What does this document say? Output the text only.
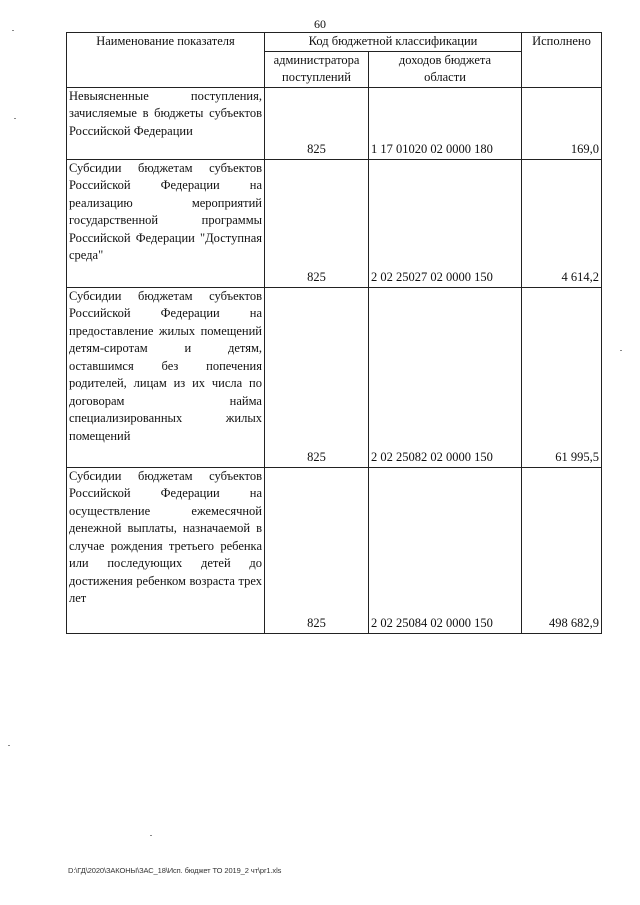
60
Наименование показателя	Код бюджетной классификации		Исполнено
	администратора поступлений	доходов бюджета области	
Невыясненные поступления, зачисляемые в бюджеты субъектов Российской Федерации	825	1 17 01020 02 0000 180	169,0
Субсидии бюджетам субъектов Российской Федерации на реализацию мероприятий государственной программы Российской Федерации "Доступная среда"	825	2 02 25027 02 0000 150	4 614,2
Субсидии бюджетам субъектов Российской Федерации на предоставление жилых помещений детям-сиротам и детям, оставшимся без попечения родителей, лицам из их числа по договорам найма специализированных жилых помещений	825	2 02 25082 02 0000 150	61 995,5
Субсидии бюджетам субъектов Российской Федерации на осуществление ежемесячной денежной выплаты, назначаемой в случае рождения третьего ребенка или последующих детей до достижения ребенком возраста трех лет	825	2 02 25084 02 0000 150	498 682,9
D:\ГД\2020\ЗАКОНЫ\ЗАС_18\Исп. бюджет ТО 2019_2 чт\pr1.xls
